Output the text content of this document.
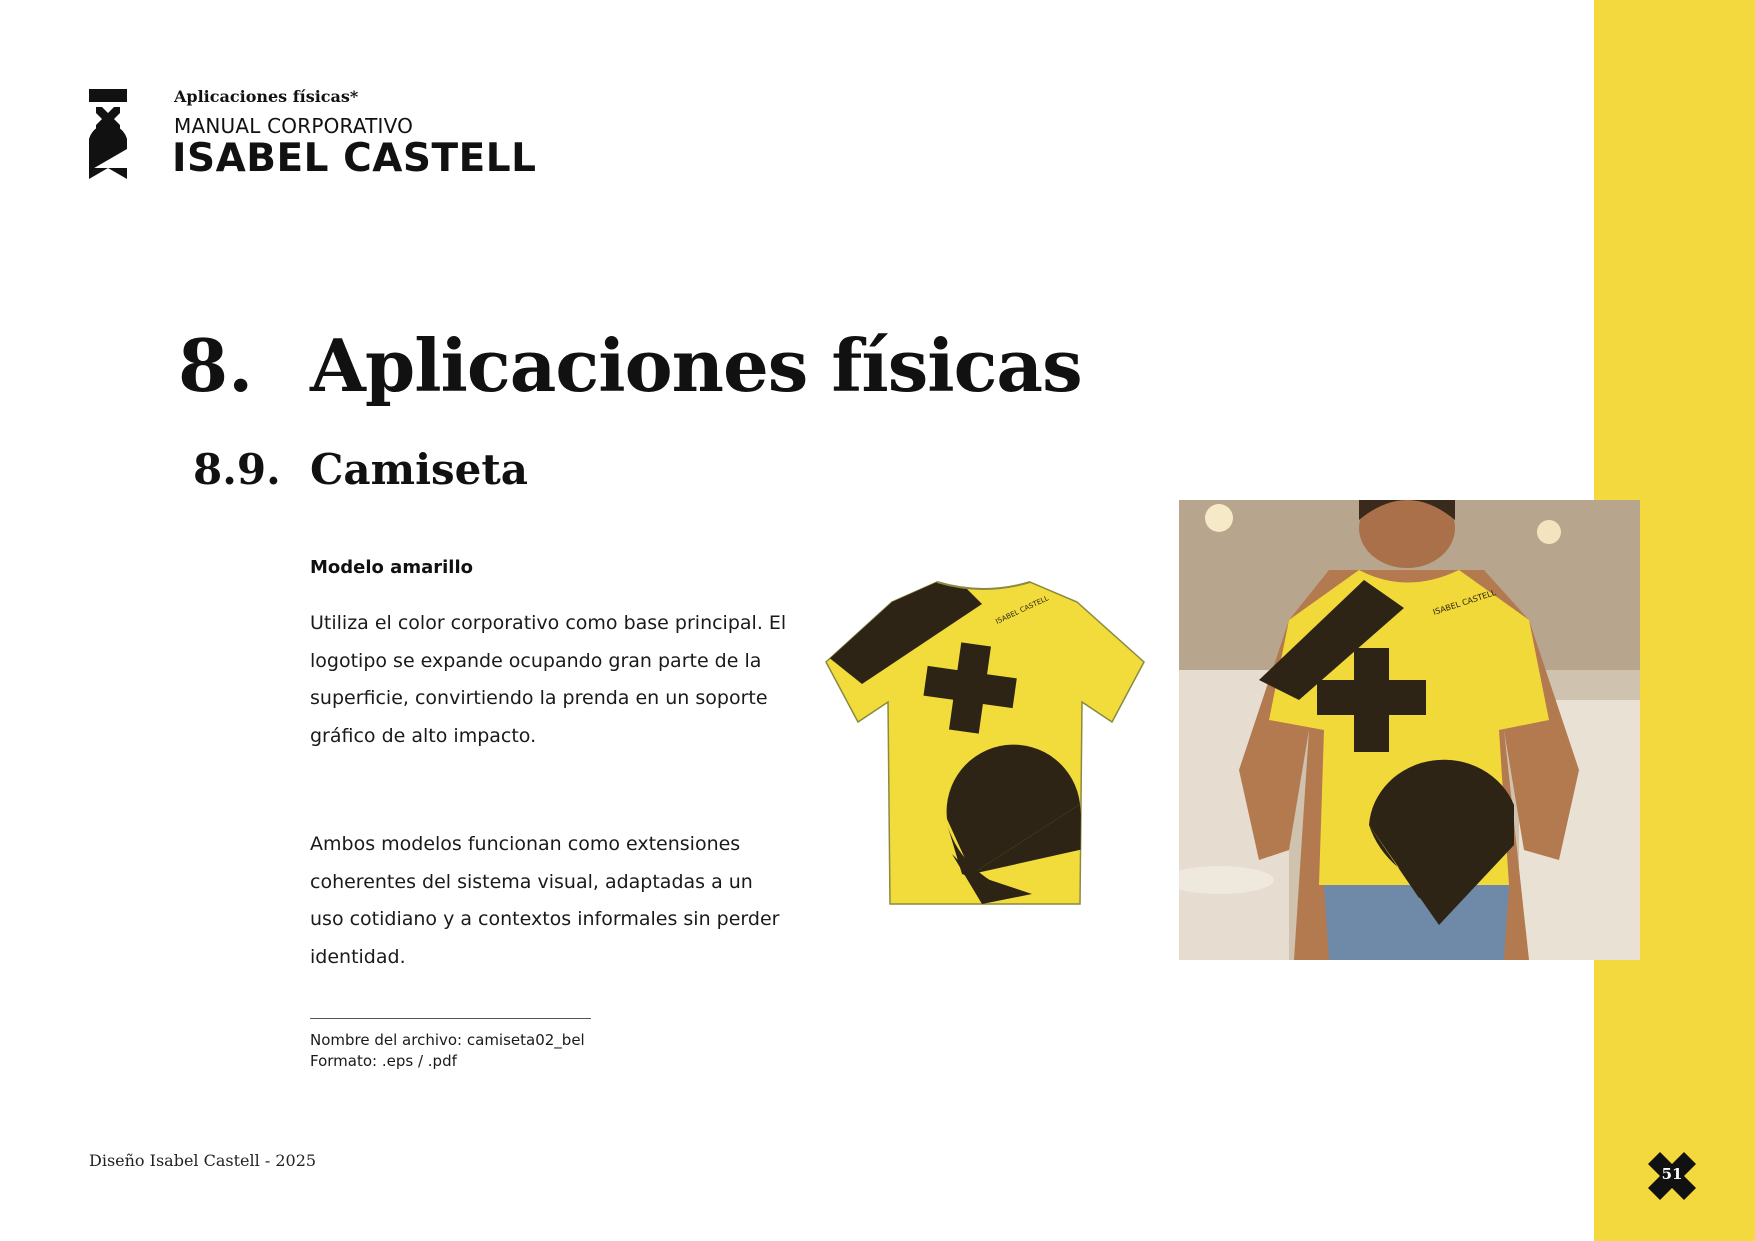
Aplicaciones físicas*
MANUAL CORPORATIVO
ISABEL CASTELL
8. Aplicaciones físicas
8.9. Camiseta
Modelo amarillo

Utiliza el color corporativo como base principal. El logotipo se expande ocupando gran parte de la superficie, convirtiendo la prenda en un soporte gráfico de alto impacto.

Ambos modelos funcionan como extensiones coherentes del sistema visual, adaptadas a un uso cotidiano y a contextos informales sin perder identidad.

Nombre del archivo: camiseta02_bel
Formato: .eps / .pdf
ISABEL CASTELL	ISABEL CASTELL
Diseño Isabel Castell - 2025
51
